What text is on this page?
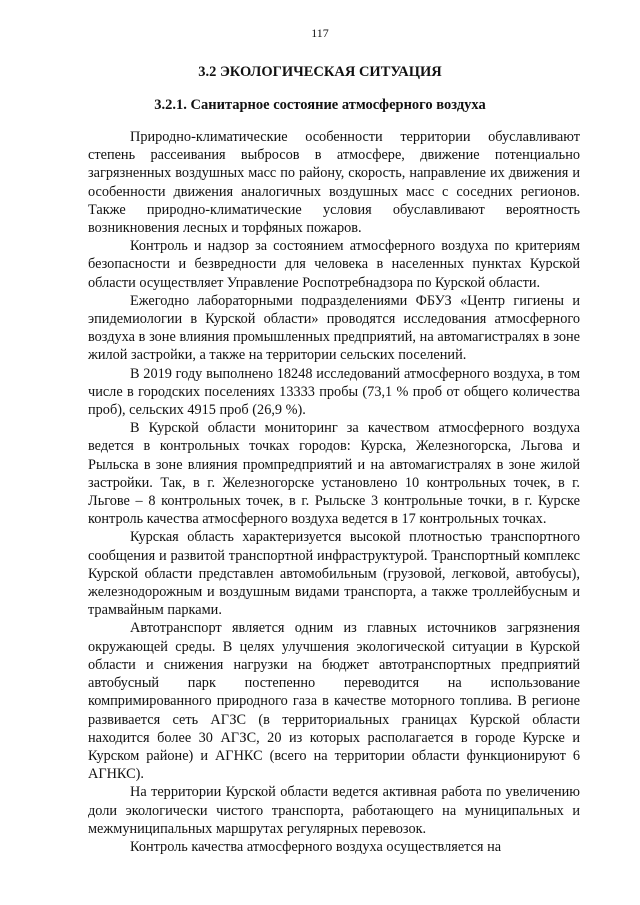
117
3.2 ЭКОЛОГИЧЕСКАЯ СИТУАЦИЯ
3.2.1. Санитарное состояние атмосферного воздуха

Природно-климатические особенности территории обуславливают степень рассеивания выбросов в атмосфере, движение потенциально загрязненных воздушных масс по району, скорость, направление их движения и особенности движения аналогичных воздушных масс с соседних регионов. Также природно-климатические условия обуславливают вероятность возникновения лесных и торфяных пожаров.

Контроль и надзор за состоянием атмосферного воздуха по критериям безопасности и безвредности для человека в населенных пунктах Курской области осуществляет Управление Роспотребнадзора по Курской области.

Ежегодно лабораторными подразделениями ФБУЗ «Центр гигиены и эпидемиологии в Курской области» проводятся исследования атмосферного воздуха в зоне влияния промышленных предприятий, на автомагистралях в зоне жилой застройки, а также на территории сельских поселений.

В 2019 году выполнено 18248 исследований атмосферного воздуха, в том числе в городских поселениях 13333 пробы (73,1 % проб от общего количества проб), сельских 4915 проб (26,9 %).

В Курской области мониторинг за качеством атмосферного воздуха ведется в контрольных точках городов: Курска, Железногорска, Льгова и Рыльска в зоне влияния промпредприятий и на автомагистралях в зоне жилой застройки. Так, в г. Железногорске установлено 10 контрольных точек, в г. Льгове – 8 контрольных точек, в г. Рыльске 3 контрольные точки, в г. Курске контроль качества атмосферного воздуха ведется в 17 контрольных точках.

Курская область характеризуется высокой плотностью транспортного сообщения и развитой транспортной инфраструктурой. Транспортный комплекс Курской области представлен автомобильным (грузовой, легковой, автобусы), железнодорожным и воздушным видами транспорта, а также троллейбусным и трамвайным парками.

Автотранспорт является одним из главных источников загрязнения окружающей среды. В целях улучшения экологической ситуации в Курской области и снижения нагрузки на бюджет автотранспортных предприятий автобусный парк постепенно переводится на использование компримированного природного газа в качестве моторного топлива. В регионе развивается сеть АГЗС (в территориальных границах Курской области находится более 30 АГЗС, 20 из которых располагается в городе Курске и Курском районе) и АГНКС (всего на территории области функционируют 6 АГНКС).

На территории Курской области ведется активная работа по увеличению доли экологически чистого транспорта, работающего на муниципальных и межмуниципальных маршрутах регулярных перевозок.

Контроль качества атмосферного воздуха осуществляется на
